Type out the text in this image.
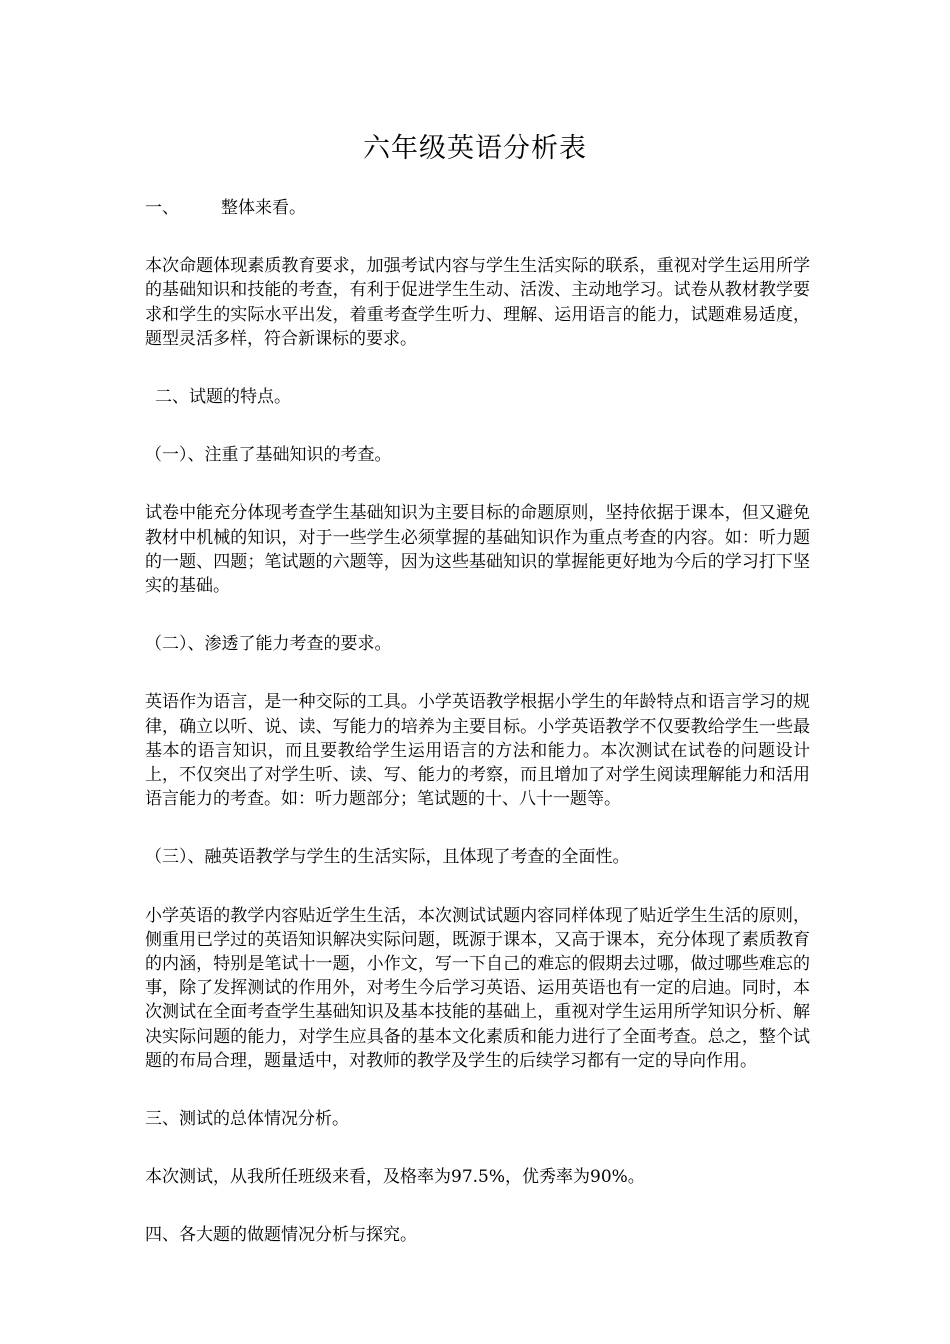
六年级英语分析表

一、 整体来看。

本次命题体现素质教育要求，加强考试内容与学生生活实际的联系，重视对学生运用所学的基础知识和技能的考查，有利于促进学生生动、活泼、主动地学习。试卷从教材教学要求和学生的实际水平出发，着重考查学生听力、理解、运用语言的能力，试题难易适度，题型灵活多样，符合新课标的要求。

二、试题的特点。

（一）、注重了基础知识的考查。

试卷中能充分体现考查学生基础知识为主要目标的命题原则，坚持依据于课本，但又避免教材中机械的知识，对于一些学生必须掌握的基础知识作为重点考查的内容。如：听力题的一题、四题；笔试题的六题等，因为这些基础知识的掌握能更好地为今后的学习打下坚实的基础。

（二）、渗透了能力考查的要求。

英语作为语言，是一种交际的工具。小学英语教学根据小学生的年龄特点和语言学习的规律，确立以听、说、读、写能力的培养为主要目标。小学英语教学不仅要教给学生一些最基本的语言知识，而且要教给学生运用语言的方法和能力。本次测试在试卷的问题设计上，不仅突出了对学生听、读、写、能力的考察，而且增加了对学生阅读理解能力和活用语言能力的考查。如：听力题部分；笔试题的十、八十一题等。

（三）、融英语教学与学生的生活实际，且体现了考查的全面性。

小学英语的教学内容贴近学生生活，本次测试试题内容同样体现了贴近学生生活的原则，侧重用已学过的英语知识解决实际问题，既源于课本，又高于课本，充分体现了素质教育的内涵，特别是笔试十一题，小作文，写一下自己的难忘的假期去过哪，做过哪些难忘的事，除了发挥测试的作用外，对考生今后学习英语、运用英语也有一定的启迪。同时，本次测试在全面考查学生基础知识及基本技能的基础上，重视对学生运用所学知识分析、解决实际问题的能力，对学生应具备的基本文化素质和能力进行了全面考查。总之，整个试题的布局合理，题量适中，对教师的教学及学生的后续学习都有一定的导向作用。

三、测试的总体情况分析。

本次测试，从我所任班级来看，及格率为97.5%，优秀率为90%。

四、各大题的做题情况分析与探究。
